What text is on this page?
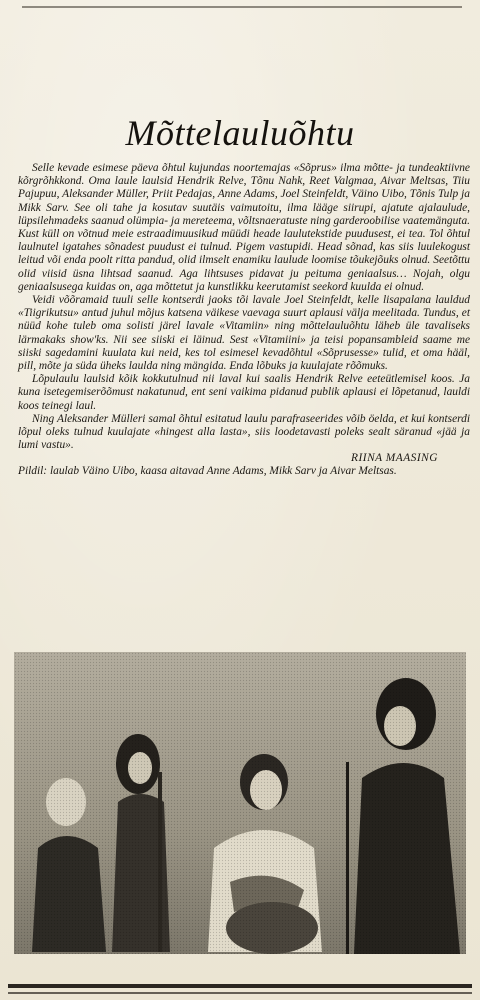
Mõttelauluõhtu

Selle kevade esimese päeva õhtul kujundas noortemajas «Sõprus» ilma mõtte- ja tundeaktiivne kõrgrõhkkond. Oma laule laulsid Hendrik Relve, Tõnu Nahk, Reet Valgmaa, Aivar Meltsas, Tiiu Pajupuu, Aleksander Müller, Priit Pedajas, Anne Adams, Joel Steinfeldt, Väino Uibo, Tõnis Tulp ja Mikk Sarv. See oli tahe ja kosutav suutäis vaimutoitu, ilma lääge siirupi, ajatute ajalaulude, lüpsilehmadeks saanud olümpia- ja mereteema, võltsnaeratuste ning garderoobilise vaatemänguta. Kust küll on võtnud meie estraadimuusikud müüdi heade laulutekstide puudusest, ei tea. Tol õhtul laulnutel igatahes sõnadest puudust ei tulnud. Pigem vastupidi. Head sõnad, kas siis luulekogust leitud või enda poolt ritta pandud, olid ilmselt enamiku laulude loomise tõukejõuks olnud. Seetõttu olid viisid üsna lihtsad saanud. Aga lihtsuses pidavat ju peituma geniaalsus… Nojah, olgu geniaalsusega kuidas on, aga mõttetut ja kunstlikku keerutamist seekord kuulda ei olnud.

Veidi võõramaid tuuli selle kontserdi jaoks tõi lavale Joel Steinfeldt, kelle lisapalana lauldud «Tiigrikutsu» antud juhul mõjus katsena väikese vaevaga suurt aplausi välja meelitada. Tundus, et nüüd kohe tuleb oma solisti järel lavale «Vitamiin» ning mõttelauluõhtu läheb üle tavaliseks lärmakaks show'ks. Nii see siiski ei läinud. Sest «Vitamiini» ja teisi popansambleid saame me siiski sagedamini kuulata kui neid, kes tol esimesel kevadõhtul «Sõprusesse» tulid, et oma hääl, pill, mõte ja süda üheks laulda ning mängida. Enda lõbuks ja kuulajate rõõmuks.

Lõpulaulu laulsid kõik kokkutulnud nii laval kui saalis Hendrik Relve eeteütlemisel koos. Ja kuna isetegemiserõõmust nakatunud, ent seni vaikima pidanud publik aplausi ei lõpetanud, lauldi koos teinegi laul.

Ning Aleksander Mülleri samal õhtul esitatud laulu parafraseerides võib öelda, et kui kontserdi lõpul oleks tulnud kuulajate «hingest alla lasta», siis loodetavasti poleks sealt säranud «jää ja lumi vastu».

RIINA MAASING
Pildil: laulab Väino Uibo, kaasa aitavad Anne Adams, Mikk Sarv ja Aivar Meltsas.
